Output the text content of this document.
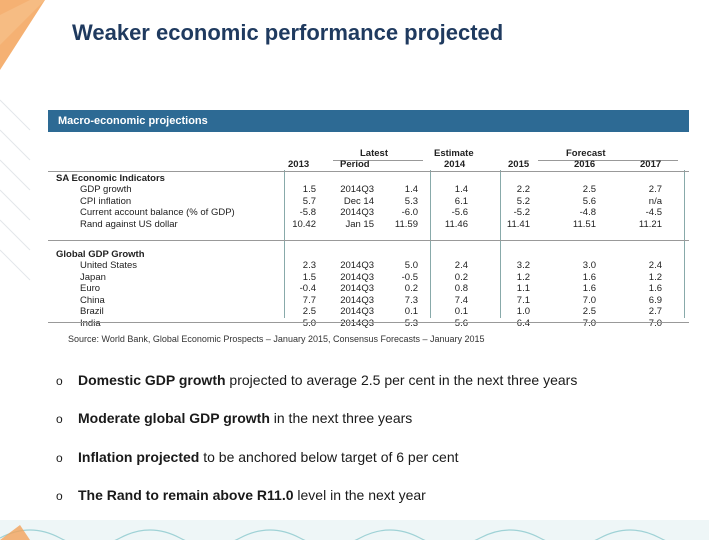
Weaker economic performance projected
Macro-economic projections
Latest	Estimate	Forecast
2013	Period	2014	2015	2016	2017
SA Economic Indicators
GDP growth	1.5	2014Q3	1.4	1.4	2.2	2.5	2.7
CPI inflation	5.7	Dec 14	5.3	6.1	5.2	5.6	n/a
Current account balance (% of GDP)	-5.8	2014Q3	-6.0	-5.6	-5.2	-4.8	-4.5
Rand against US dollar	10.42	Jan 15	11.59	11.46	11.41	11.51	11.21
Global GDP Growth
United States	2.3	2014Q3	5.0	2.4	3.2	3.0	2.4
Japan	1.5	2014Q3	-0.5	0.2	1.2	1.6	1.2
Euro	-0.4	2014Q3	0.2	0.8	1.1	1.6	1.6
China	7.7	2014Q3	7.3	7.4	7.1	7.0	6.9
Brazil	2.5	2014Q3	0.1	0.1	1.0	2.5	2.7
India	5.0	2014Q3	5.3	5.6	6.4	7.0	7.0
Source: World Bank, Global Economic Prospects – January 2015, Consensus Forecasts – January 2015
o Domestic GDP growth projected to average 2.5 per cent in the next three years
o Moderate global GDP growth in the next three years
o Inflation projected to be anchored below target of 6 per cent
o The Rand to remain above R11.0 level in the next year
